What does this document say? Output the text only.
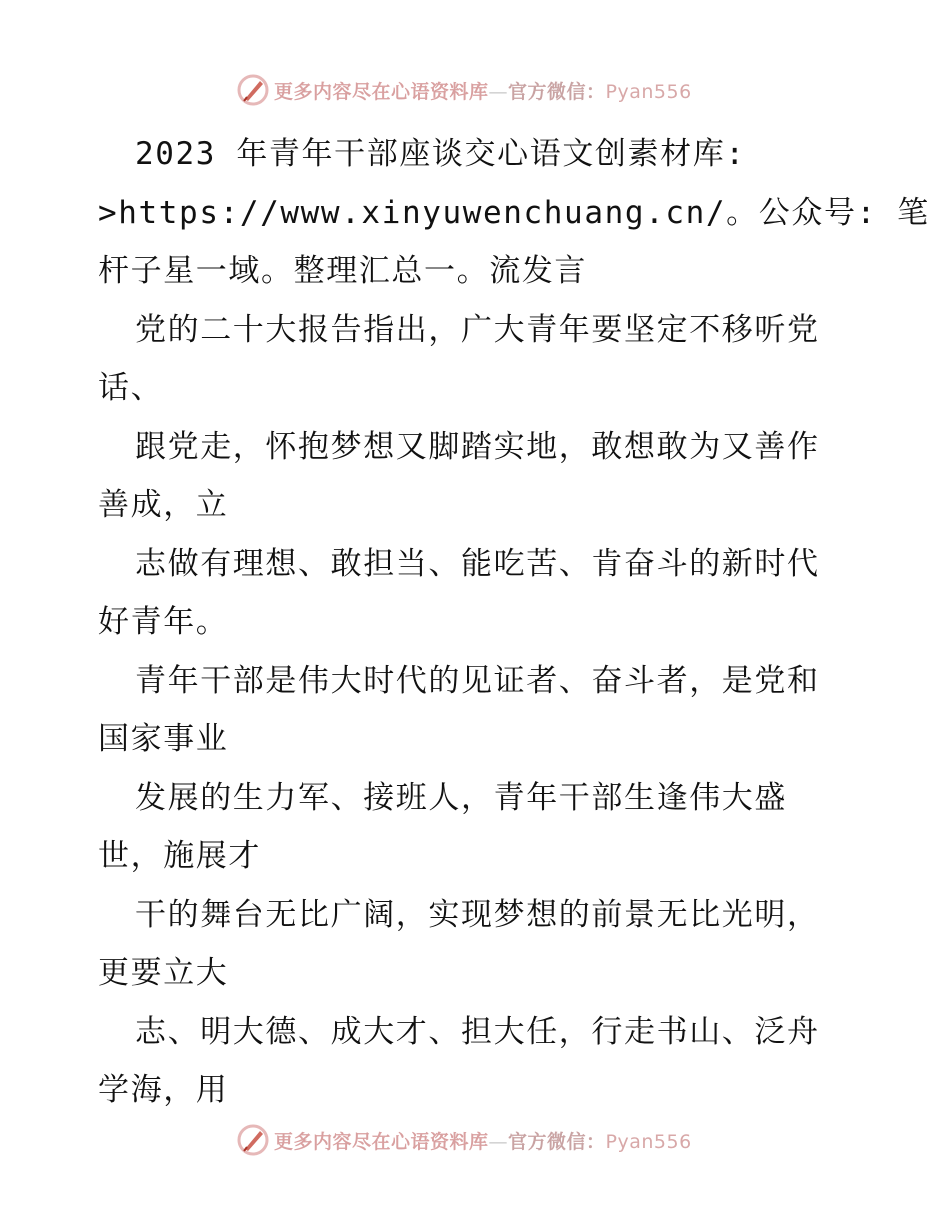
更多内容尽在心语资料库—官方微信：Pyan556
2023 年青年干部座谈交心语文创素材库:
>https://www.xinyuwenchuang.cn/。公众号: 笔
杆子星一域。整理汇总一。流发言
党的二十大报告指出，广大青年要坚定不移听党
话、
跟党走，怀抱梦想又脚踏实地，敢想敢为又善作
善成，立
志做有理想、敢担当、能吃苦、肯奋斗的新时代
好青年。
青年干部是伟大时代的见证者、奋斗者，是党和
国家事业
发展的生力军、接班人，青年干部生逢伟大盛
世，施展才
干的舞台无比广阔，实现梦想的前景无比光明，
更要立大
志、明大德、成大才、担大任，行走书山、泛舟
学海，用
更多内容尽在心语资料库—官方微信：Pyan556
